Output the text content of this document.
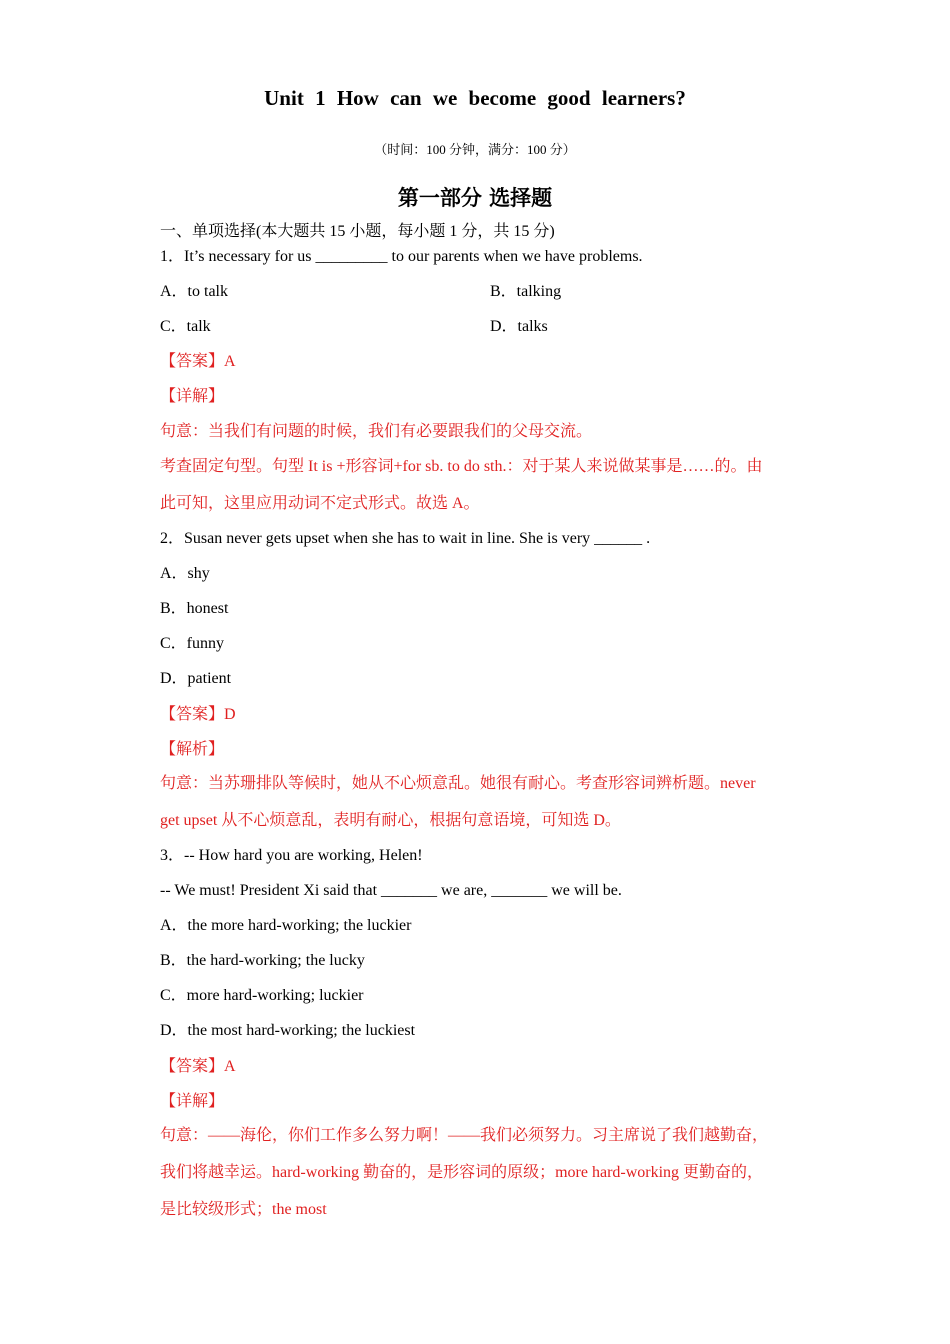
Unit 1 How can we become good learners?
（时间：100 分钟，满分：100 分）
第一部分 选择题
一、单项选择(本大题共 15 小题，每小题 1 分，共 15 分)
1．It’s necessary for us _________ to our parents when we have problems.
A．to talk	B．talking
C．talk	D．talks
【答案】A
【详解】
句意：当我们有问题的时候，我们有必要跟我们的父母交流。
考查固定句型。句型 It is +形容词+for sb. to do sth.：对于某人来说做某事是……的。由
此可知，这里应用动词不定式形式。故选 A。
2．Susan never gets upset when she has to wait in line. She is very ______ .
A．shy
B．honest
C．funny
D．patient
【答案】D
【解析】
句意：当苏珊排队等候时，她从不心烦意乱。她很有耐心。考查形容词辨析题。never
get upset 从不心烦意乱，表明有耐心，根据句意语境，可知选 D。
3．-- How hard you are working, Helen!
-- We must! President Xi said that _______ we are, _______ we will be.
A．the more hard-working; the luckier
B．the hard-working; the lucky
C．more hard-working; luckier
D．the most hard-working; the luckiest
【答案】A
【详解】
句意：——海伦，你们工作多么努力啊！——我们必须努力。习主席说了我们越勤奋，
我们将越幸运。hard-working 勤奋的，是形容词的原级；more hard-working 更勤奋的，
是比较级形式；the most
